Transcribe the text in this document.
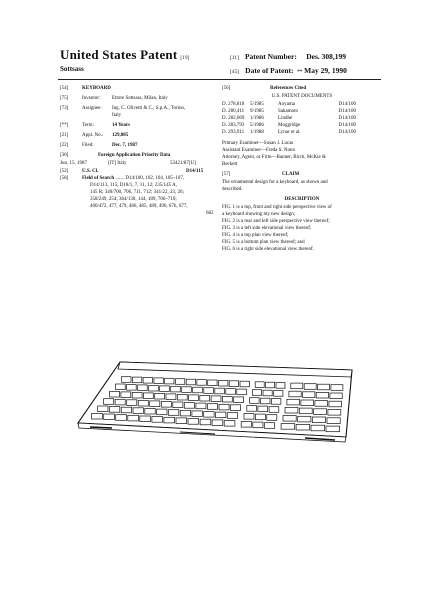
United States Patent [19]
Sottsass
[11] Patent Number: Des. 308,199
[45] Date of Patent: ** May 29, 1990
[54]	KEYBOARD
[75]	Inventor:	Ettore Sottsass, Milan, Italy
[73]	Assignee:	Ing. C. Olivetti & C., S.p.A., Torino,
Italy
[**]	Term:	14 Years
[21]	Appl. No.:	129,085
[22]	Filed:	Dec. 7, 1987
[30]	Foreign Application Priority Data
Jun. 15, 1987	[IT] Italy	53421/87[U]
[52]	U.S. Cl.	D14/115
[58]	Field of Search ....... D14/100, 102, 104, 105–107,
D14/113, 115; D18/1, 7, 11, 12; 235/145 A,
145 R; 340/700, 706, 711, 712; 341/22, 23, 26;
358/249, 254; 364/130, 144, 189, 706–710;
400/472, 477, 479, 486, 485, 489, 496, 676, 677,
682
[56]	References Cited
U.S. PATENT DOCUMENTS
D. 278,818	5/1985	Aoyama	D14/100
D. 280,411	9/1985	Sakamoto	D14/100
D. 282,069	1/1986	Lindhé	D14/100
D. 283,793	5/1986	Moggridge	D14/100
D. 293,911	1/1988	Lynar et al.	D14/100
Primary Examiner—Susan J. Lucas
Assistant Examiner—Freda S. Nunn
Attorney, Agent, or Firm—Banner, Birch, McKie &
Beckett
[57]	CLAIM
The ornamental design for a keyboard, as shown and
described.
DESCRIPTION
FIG. 1 is a top, front and right side perspective view of
a keyboard showing my new design;
FIG. 2 is a rear and left side perspective view thereof;
FIG. 3 is a left side elevational view thereof;
FIG. 4 is a top plan view thereof;
FIG. 5 is a bottom plan view thereof; and
FIG. 6 is a right side elevational view thereof.
